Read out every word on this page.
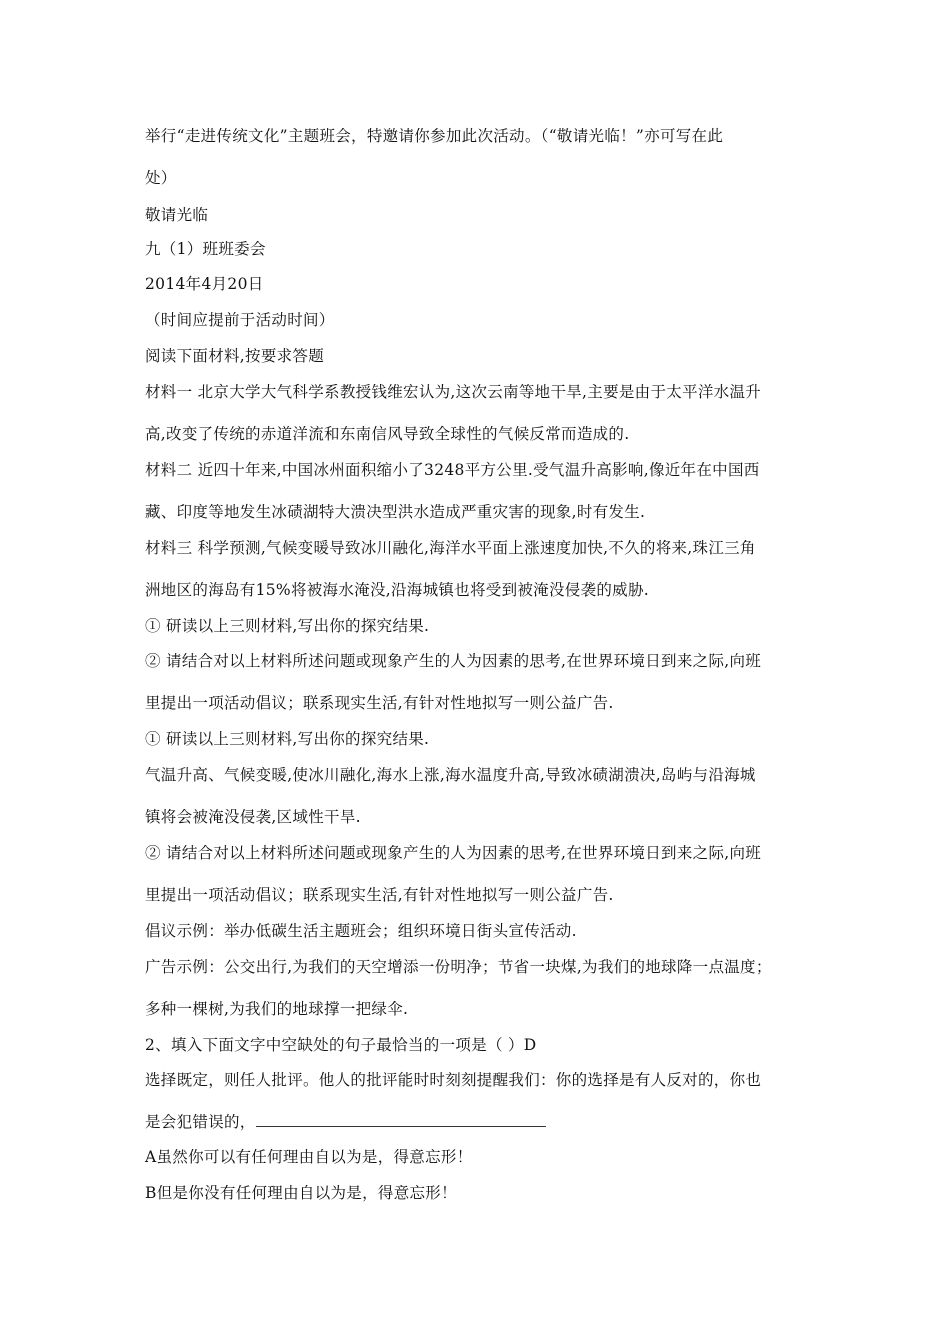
举行“走进传统文化”主题班会，特邀请你参加此次活动。（“敬请光临！”亦可写在此
处）
敬请光临
九（1）班班委会
2014年4月20日
（时间应提前于活动时间）
阅读下面材料,按要求答题
材料一 北京大学大气科学系教授钱维宏认为,这次云南等地干旱,主要是由于太平洋水温升
高,改变了传统的赤道洋流和东南信风导致全球性的气候反常而造成的.
材料二 近四十年来,中国冰州面积缩小了3248平方公里.受气温升高影响,像近年在中国西
藏、印度等地发生冰碛湖特大溃决型洪水造成严重灾害的现象,时有发生.
材料三 科学预测,气候变暖导致冰川融化,海洋水平面上涨速度加快,不久的将来,珠江三角
洲地区的海岛有15%将被海水淹没,沿海城镇也将受到被淹没侵袭的威胁.
① 研读以上三则材料,写出你的探究结果.
② 请结合对以上材料所述问题或现象产生的人为因素的思考,在世界环境日到来之际,向班
里提出一项活动倡议；联系现实生活,有针对性地拟写一则公益广告.
① 研读以上三则材料,写出你的探究结果.
气温升高、气候变暖,使冰川融化,海水上涨,海水温度升高,导致冰碛湖溃决,岛屿与沿海城
镇将会被淹没侵袭,区域性干旱.
② 请结合对以上材料所述问题或现象产生的人为因素的思考,在世界环境日到来之际,向班
里提出一项活动倡议；联系现实生活,有针对性地拟写一则公益广告.
倡议示例：举办低碳生活主题班会；组织环境日街头宣传活动.
广告示例：公交出行,为我们的天空增添一份明净；节省一块煤,为我们的地球降一点温度；
多种一棵树,为我们的地球撑一把绿伞.
2、填入下面文字中空缺处的句子最恰当的一项是（ ）D
选择既定，则任人批评。他人的批评能时时刻刻提醒我们：你的选择是有人反对的，你也
是会犯错误的，
A虽然你可以有任何理由自以为是，得意忘形！
B但是你没有任何理由自以为是，得意忘形！
